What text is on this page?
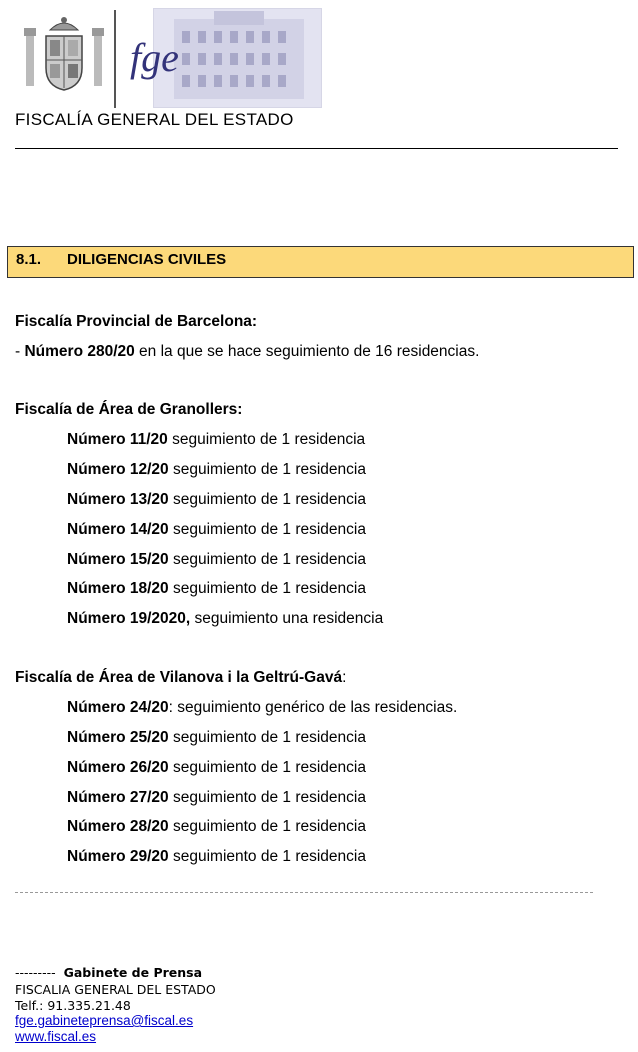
fge
FISCALÍA GENERAL DEL ESTADO
8.1. DILIGENCIAS CIVILES
Fiscalía Provincial de Barcelona:
- Número 280/20 en la que se hace seguimiento de 16 residencias.
Fiscalía de Área de Granollers:
Número 11/20 seguimiento de 1 residencia
Número 12/20 seguimiento de 1 residencia
Número 13/20 seguimiento de 1 residencia
Número 14/20 seguimiento de 1 residencia
Número 15/20 seguimiento de 1 residencia
Número 18/20 seguimiento de 1 residencia
Número 19/2020, seguimiento una residencia
Fiscalía de Área de Vilanova i la Geltrú-Gavá:
Número 24/20: seguimiento genérico de las residencias.
Número 25/20 seguimiento de 1 residencia
Número 26/20 seguimiento de 1 residencia
Número 27/20 seguimiento de 1 residencia
Número 28/20 seguimiento de 1 residencia
Número 29/20 seguimiento de 1 residencia
--------- Gabinete de Prensa
FISCALIA GENERAL DEL ESTADO
Telf.: 91.335.21.48
fge.gabineteprensa@fiscal.es
www.fiscal.es
